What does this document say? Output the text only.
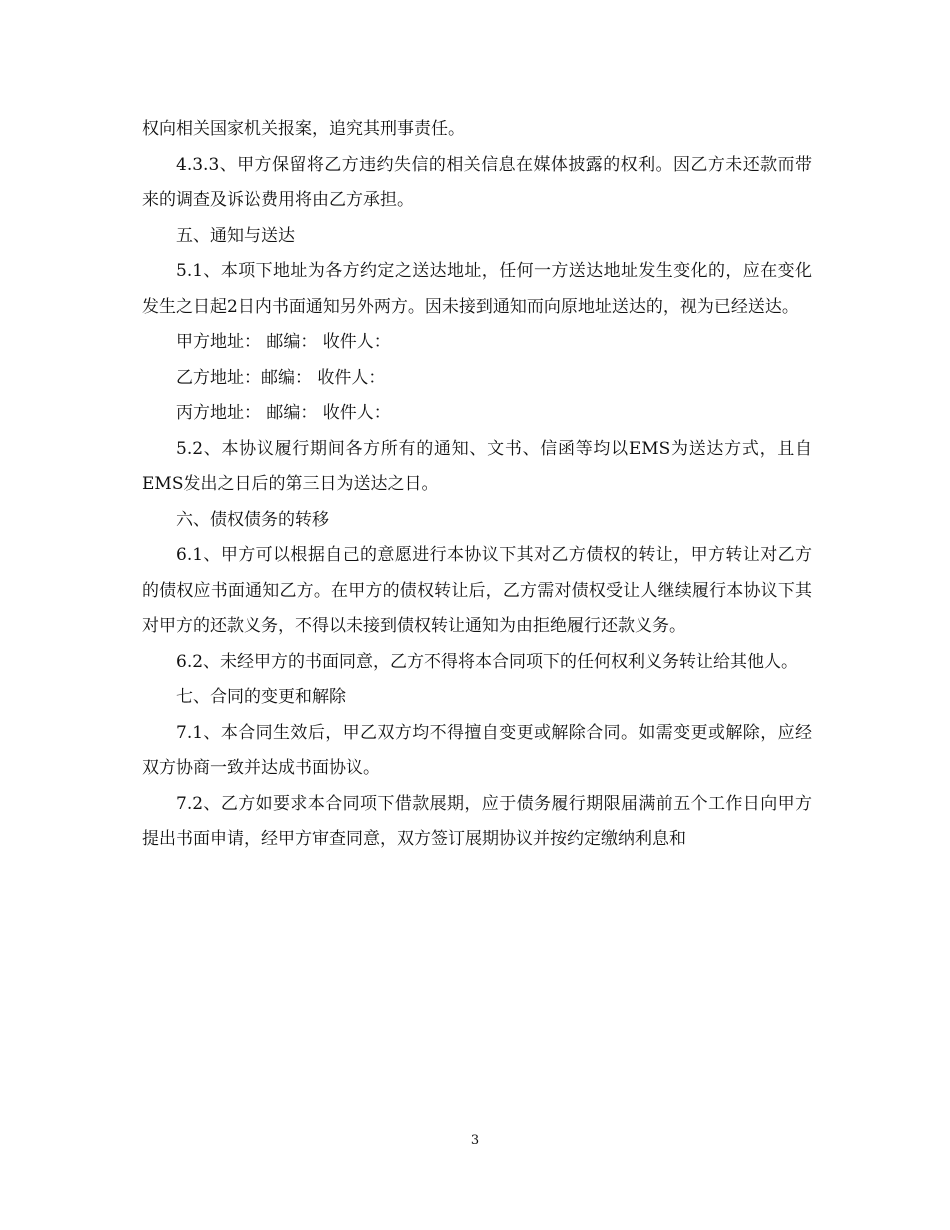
权向相关国家机关报案，追究其刑事责任。

4.3.3、甲方保留将乙方违约失信的相关信息在媒体披露的权利。因乙方未还款而带来的调查及诉讼费用将由乙方承担。

五、通知与送达

5.1、本项下地址为各方约定之送达地址，任何一方送达地址发生变化的，应在变化发生之日起2日内书面通知另外两方。因未接到通知而向原地址送达的，视为已经送达。

甲方地址： 邮编： 收件人：

乙方地址：邮编： 收件人：

丙方地址： 邮编： 收件人：

5.2、本协议履行期间各方所有的通知、文书、信函等均以EMS为送达方式，且自EMS发出之日后的第三日为送达之日。

六、债权债务的转移

6.1、甲方可以根据自己的意愿进行本协议下其对乙方债权的转让，甲方转让对乙方的债权应书面通知乙方。在甲方的债权转让后，乙方需对债权受让人继续履行本协议下其对甲方的还款义务，不得以未接到债权转让通知为由拒绝履行还款义务。

6.2、未经甲方的书面同意，乙方不得将本合同项下的任何权利义务转让给其他人。

七、合同的变更和解除

7.1、本合同生效后，甲乙双方均不得擅自变更或解除合同。如需变更或解除，应经双方协商一致并达成书面协议。

7.2、乙方如要求本合同项下借款展期，应于债务履行期限届满前五个工作日向甲方提出书面申请，经甲方审查同意，双方签订展期协议并按约定缴纳利息和

3
